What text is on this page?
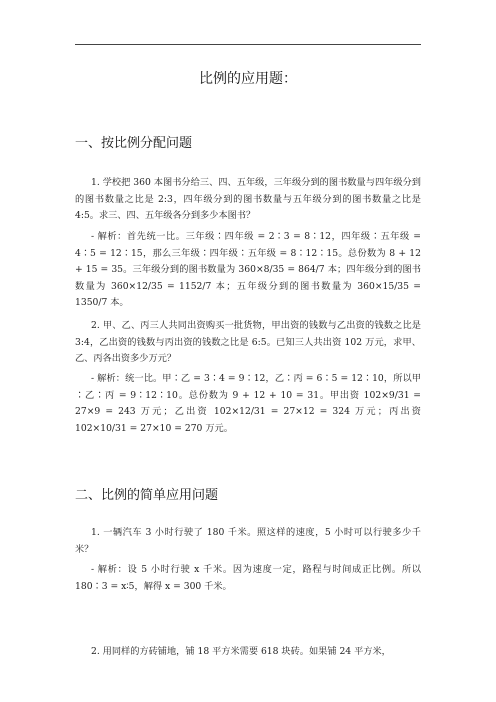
比例的应用题：
一、按比例分配问题
1. 学校把 360 本图书分给三、四、五年级，三年级分到的图书数量与四年级分到的图书数量之比是 2:3，四年级分到的图书数量与五年级分到的图书数量之比是 4:5。求三、四、五年级各分到多少本图书？
- 解析：首先统一比。三年级∶四年级 = 2∶3 = 8∶12，四年级∶五年级 = 4∶5 = 12∶15，那么三年级∶四年级∶五年级 = 8∶12∶15。总份数为 8 + 12 + 15 = 35。三年级分到的图书数量为 360×8/35 = 864/7 本；四年级分到的图书数量为 360×12/35 = 1152/7 本；五年级分到的图书数量为 360×15/35 = 1350/7 本。
2. 甲、乙、丙三人共同出资购买一批货物，甲出资的钱数与乙出资的钱数之比是 3:4，乙出资的钱数与丙出资的钱数之比是 6:5。已知三人共出资 102 万元，求甲、乙、丙各出资多少万元？
- 解析：统一比。甲∶乙 = 3∶4 = 9∶12，乙∶丙 = 6∶5 = 12∶10，所以甲∶乙∶丙 = 9∶12∶10。总份数为 9 + 12 + 10 = 31。甲出资 102×9/31 = 27×9 = 243 万元；乙出资 102×12/31 = 27×12 = 324 万元；丙出资 102×10/31 = 27×10 = 270 万元。
二、比例的简单应用问题
1. 一辆汽车 3 小时行驶了 180 千米。照这样的速度，5 小时可以行驶多少千米？
- 解析：设 5 小时行驶 x 千米。因为速度一定，路程与时间成正比例。所以 180∶3 = x∶5，解得 x = 300 千米。
2. 用同样的方砖铺地，铺 18 平方米需要 618 块砖。如果铺 24 平方米，
